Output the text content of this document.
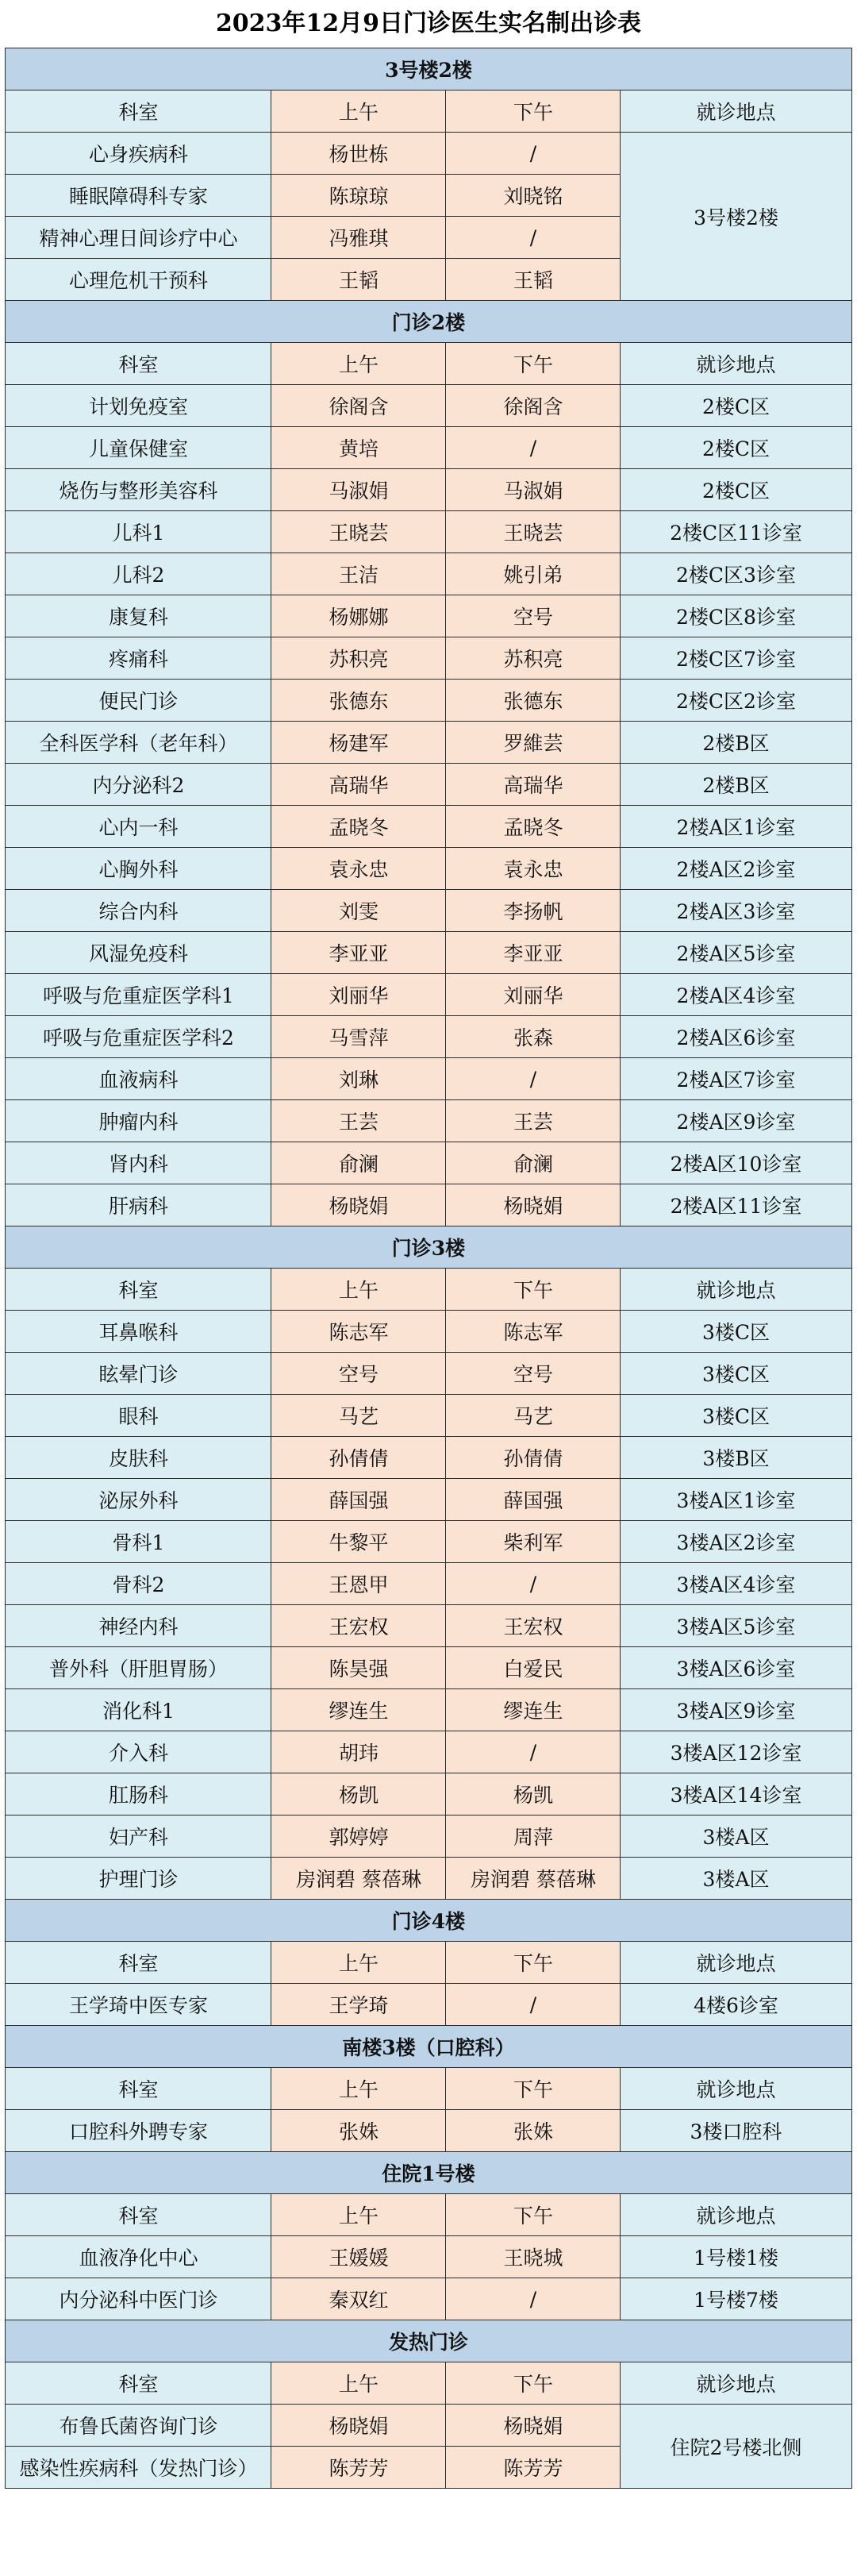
2023年12月9日门诊医生实名制出诊表
3号楼2楼			
科室	上午	下午	就诊地点
心身疾病科	杨世栋	/	3号楼2楼
睡眠障碍科专家	陈琼琼	刘晓铭	
精神心理日间诊疗中心	冯雅琪	/	
心理危机干预科	王韬	王韬	
门诊2楼			
科室	上午	下午	就诊地点
计划免疫室	徐阁含	徐阁含	2楼C区
儿童保健室	黄培	/	2楼C区
烧伤与整形美容科	马淑娟	马淑娟	2楼C区
儿科1	王晓芸	王晓芸	2楼C区11诊室
儿科2	王洁	姚引弟	2楼C区3诊室
康复科	杨娜娜	空号	2楼C区8诊室
疼痛科	苏积亮	苏积亮	2楼C区7诊室
便民门诊	张德东	张德东	2楼C区2诊室
全科医学科（老年科）	杨建军	罗維芸	2楼B区
内分泌科2	高瑞华	高瑞华	2楼B区
心内一科	孟晓冬	孟晓冬	2楼A区1诊室
心胸外科	袁永忠	袁永忠	2楼A区2诊室
综合内科	刘雯	李扬帆	2楼A区3诊室
风湿免疫科	李亚亚	李亚亚	2楼A区5诊室
呼吸与危重症医学科1	刘丽华	刘丽华	2楼A区4诊室
呼吸与危重症医学科2	马雪萍	张森	2楼A区6诊室
血液病科	刘琳	/	2楼A区7诊室
肿瘤内科	王芸	王芸	2楼A区9诊室
肾内科	俞澜	俞澜	2楼A区10诊室
肝病科	杨晓娟	杨晓娟	2楼A区11诊室
门诊3楼			
科室	上午	下午	就诊地点
耳鼻喉科	陈志军	陈志军	3楼C区
眩晕门诊	空号	空号	3楼C区
眼科	马艺	马艺	3楼C区
皮肤科	孙倩倩	孙倩倩	3楼B区
泌尿外科	薛国强	薛国强	3楼A区1诊室
骨科1	牛黎平	柴利军	3楼A区2诊室
骨科2	王恩甲	/	3楼A区4诊室
神经内科	王宏权	王宏权	3楼A区5诊室
普外科（肝胆胃肠）	陈昊强	白爱民	3楼A区6诊室
消化科1	缪连生	缪连生	3楼A区9诊室
介入科	胡玮	/	3楼A区12诊室
肛肠科	杨凯	杨凯	3楼A区14诊室
妇产科	郭婷婷	周萍	3楼A区
护理门诊	房润碧 蔡蓓琳	房润碧 蔡蓓琳	3楼A区
门诊4楼			
科室	上午	下午	就诊地点
王学琦中医专家	王学琦	/	4楼6诊室
南楼3楼（口腔科）			
科室	上午	下午	就诊地点
口腔科外聘专家	张姝	张姝	3楼口腔科
住院1号楼			
科室	上午	下午	就诊地点
血液净化中心	王媛媛	王晓城	1号楼1楼
内分泌科中医门诊	秦双红	/	1号楼7楼
发热门诊			
科室	上午	下午	就诊地点
布鲁氏菌咨询门诊	杨晓娟	杨晓娟	住院2号楼北侧
感染性疾病科（发热门诊）	陈芳芳	陈芳芳	
